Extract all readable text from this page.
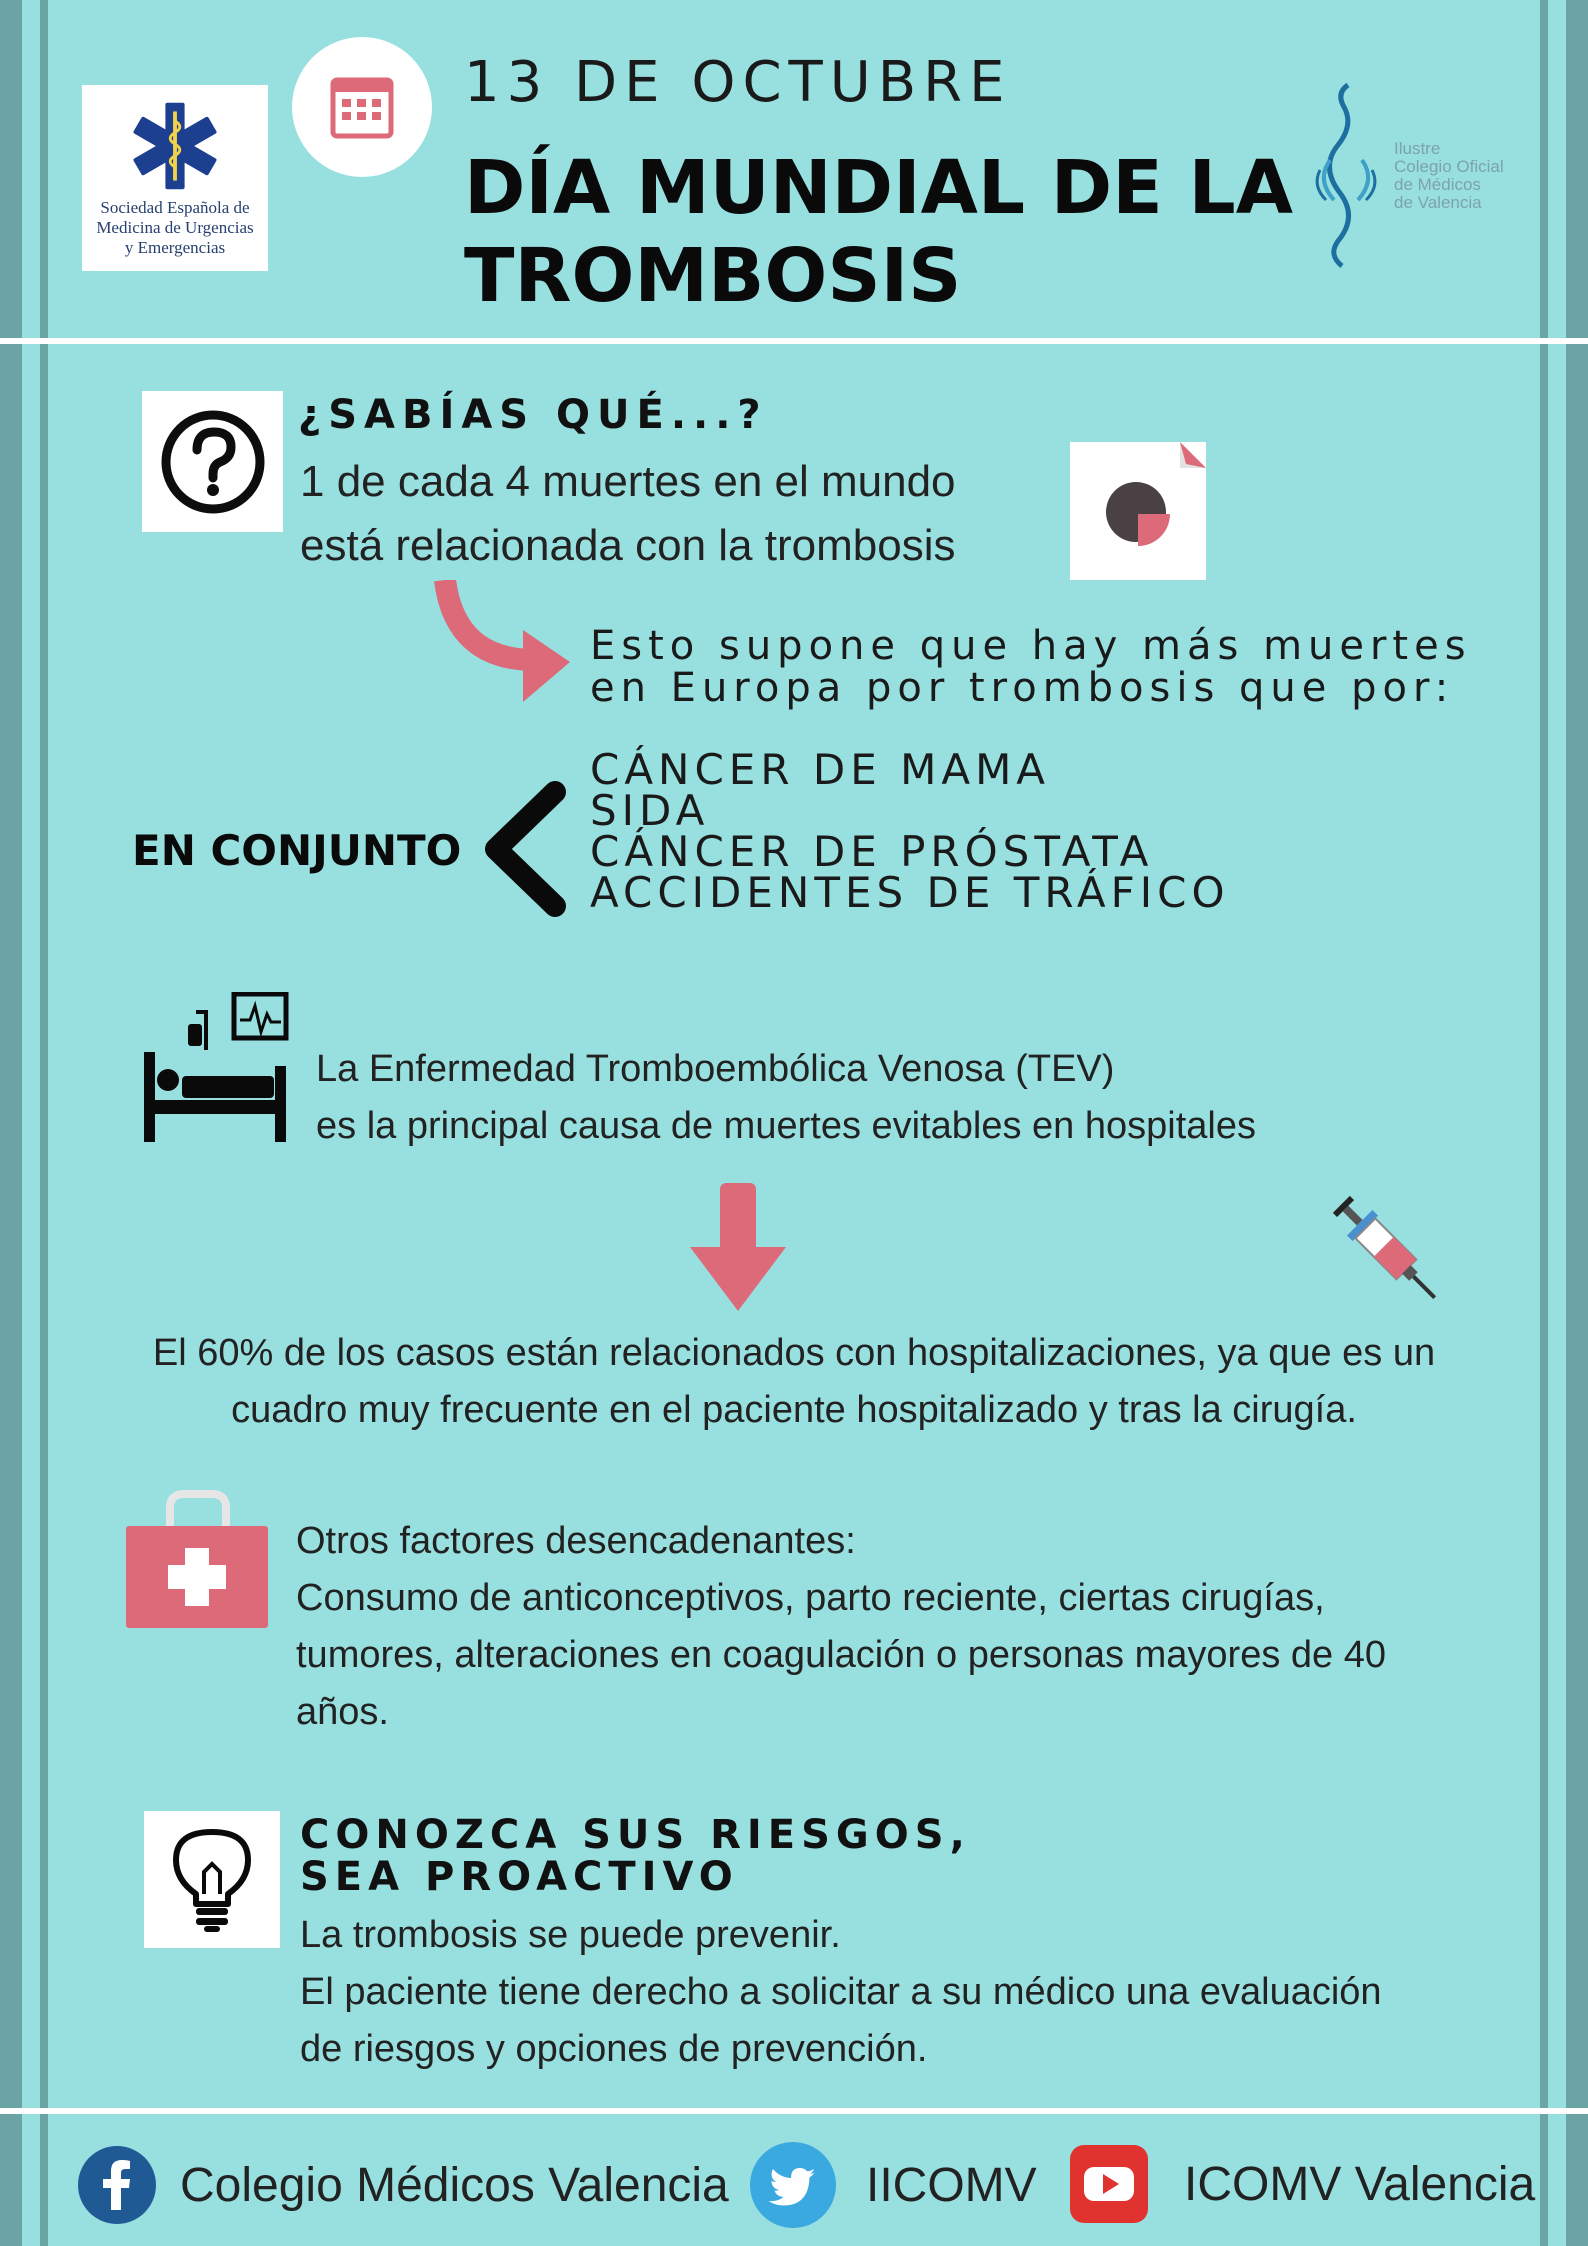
Sociedad Española de
Medicina de Urgencias
y Emergencias
13 DE OCTUBRE
DÍA MUNDIAL DE LA
TROMBOSIS
Ilustre
Colegio Oficial
de Médicos
de Valencia
¿SABÍAS QUÉ...?
1 de cada 4 muertes en el mundo
está relacionada con la trombosis
Esto supone que hay más muertes
en Europa por trombosis que por:
EN CONJUNTO
CÁNCER DE MAMA
SIDA
CÁNCER DE PRÓSTATA
ACCIDENTES DE TRÁFICO
La Enfermedad Tromboembólica Venosa (TEV)
es la principal causa de muertes evitables en hospitales
El 60% de los casos están relacionados con hospitalizaciones, ya que es un
cuadro muy frecuente en el paciente hospitalizado y tras la cirugía.
Otros factores desencadenantes:
Consumo de anticonceptivos, parto reciente, ciertas cirugías,
tumores, alteraciones en coagulación o personas mayores de 40
años.
CONOZCA SUS RIESGOS,
SEA PROACTIVO
La trombosis se puede prevenir.
El paciente tiene derecho a solicitar a su médico una evaluación
de riesgos y opciones de prevención.
Colegio Médicos Valencia	IICOMV	ICOMV Valencia
